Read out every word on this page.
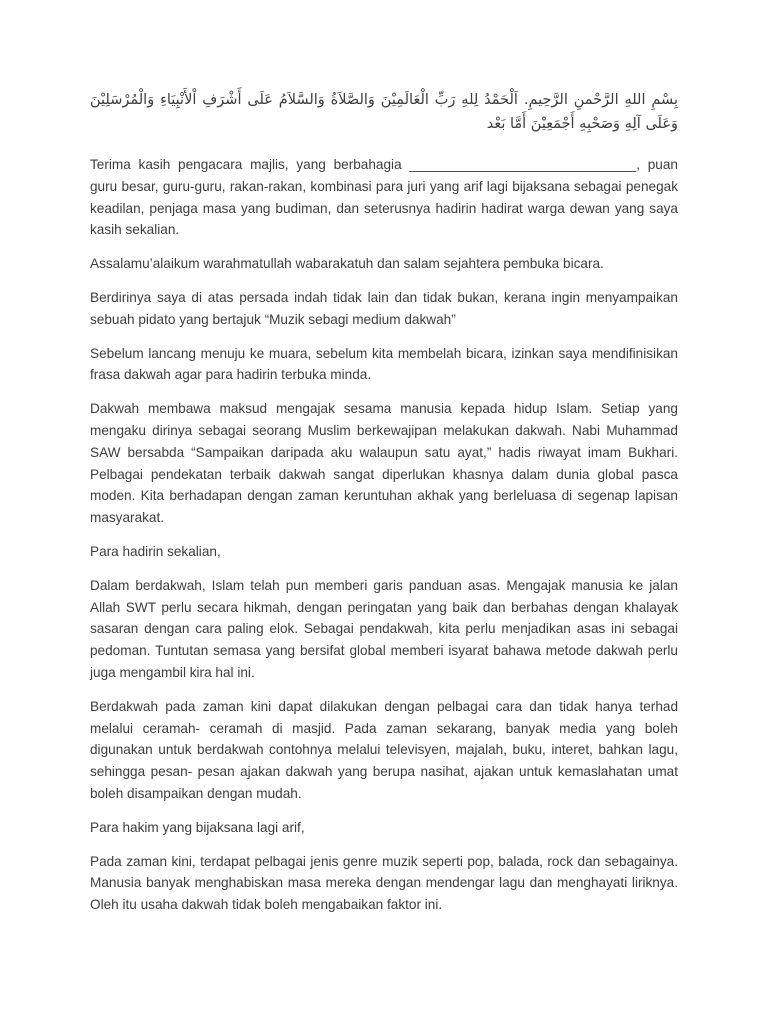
بِسْمِ اللهِ الرَّحْمنِ الرَّحِيمِ. اَلْحَمْدُ لِلهِ رَبِّ الْعَالَمِيْنَ وَالصَّلاَةُ وَالسَّلاَمُ عَلَى أَشْرَفِ اْلأَنْبِيَاءِ وَالْمُرْسَلِيْنَ وَعَلَى آلِهِ وَصَحْبِهِ أَجْمَعِيْنَ أَمَّا بَعْد

Terima kasih pengacara majlis, yang berbahagia ______________________________, puan guru besar, guru-guru, rakan-rakan, kombinasi para juri yang arif lagi bijaksana sebagai penegak keadilan, penjaga masa yang budiman, dan seterusnya hadirin hadirat warga dewan yang saya kasih sekalian.

Assalamu’alaikum warahmatullah wabarakatuh dan salam sejahtera pembuka bicara.

Berdirinya saya di atas persada indah tidak lain dan tidak bukan, kerana ingin menyampaikan sebuah pidato yang bertajuk “Muzik sebagi medium dakwah”

Sebelum lancang menuju ke muara, sebelum kita membelah bicara, izinkan saya mendifinisikan frasa dakwah agar para hadirin terbuka minda.

Dakwah membawa maksud mengajak sesama manusia kepada hidup Islam. Setiap yang mengaku dirinya sebagai seorang Muslim berkewajipan melakukan dakwah. Nabi Muhammad SAW bersabda “Sampaikan daripada aku walaupun satu ayat,” hadis riwayat imam Bukhari. Pelbagai pendekatan terbaik dakwah sangat diperlukan khasnya dalam dunia global pasca moden. Kita berhadapan dengan zaman keruntuhan akhak yang berleluasa di segenap lapisan masyarakat.

Para hadirin sekalian,

Dalam berdakwah, Islam telah pun memberi garis panduan asas. Mengajak manusia ke jalan Allah SWT perlu secara hikmah, dengan peringatan yang baik dan berbahas dengan khalayak sasaran dengan cara paling elok. Sebagai pendakwah, kita perlu menjadikan asas ini sebagai pedoman. Tuntutan semasa yang bersifat global memberi isyarat bahawa metode dakwah perlu juga mengambil kira hal ini.

Berdakwah pada zaman kini dapat dilakukan dengan pelbagai cara dan tidak hanya terhad melalui ceramah- ceramah di masjid. Pada zaman sekarang, banyak media yang boleh digunakan untuk berdakwah contohnya melalui televisyen, majalah, buku, interet, bahkan lagu, sehingga pesan- pesan ajakan dakwah yang berupa nasihat, ajakan untuk kemaslahatan umat boleh disampaikan dengan mudah.

Para hakim yang bijaksana lagi arif,

Pada zaman kini, terdapat pelbagai jenis genre muzik seperti pop, balada, rock dan sebagainya. Manusia banyak menghabiskan masa mereka dengan mendengar lagu dan menghayati liriknya. Oleh itu usaha dakwah tidak boleh mengabaikan faktor ini.
